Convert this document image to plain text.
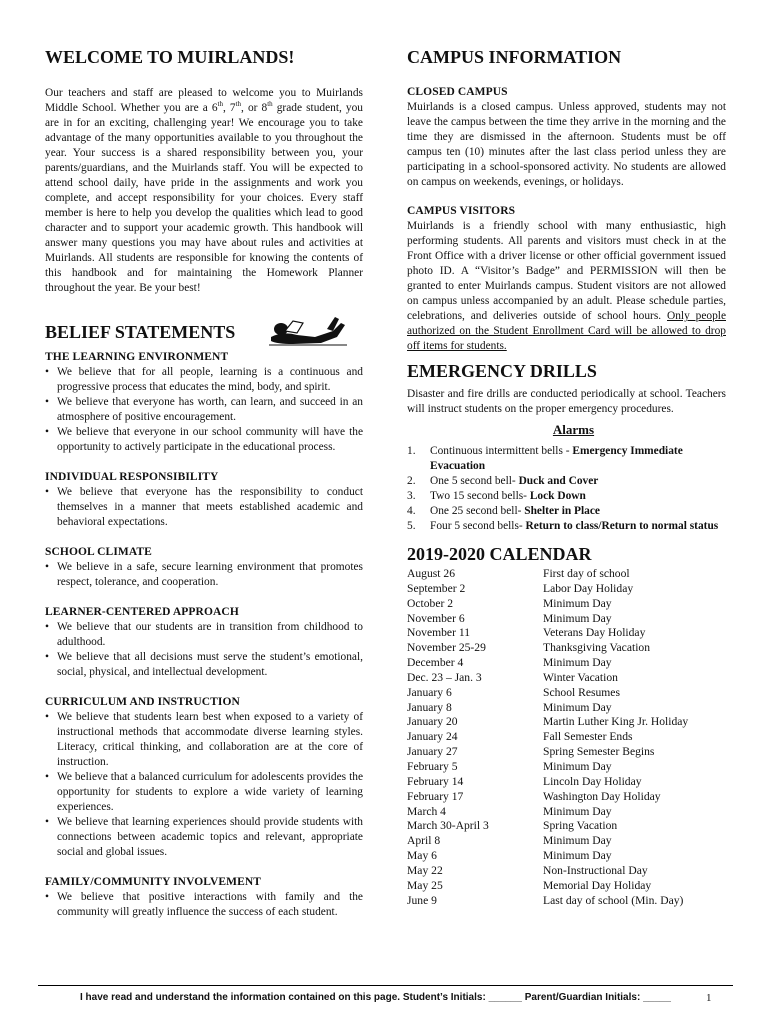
WELCOME TO MUIRLANDS!

Our teachers and staff are pleased to welcome you to Muirlands Middle School. Whether you are a 6th, 7th, or 8th grade student, you are in for an exciting, challenging year! We encourage you to take advantage of the many opportunities available to you throughout the year. Your success is a shared responsibility between you, your parents/guardians, and the Muirlands staff. You will be expected to attend school daily, have pride in the assignments and work you complete, and accept responsibility for your choices. Every staff member is here to help you develop the qualities which lead to good character and to support your academic growth. This handbook will answer many questions you may have about rules and activities at Muirlands. All students are responsible for knowing the contents of this handbook and for maintaining the Homework Planner throughout the year. Be your best!

BELIEF STATEMENTS
THE LEARNING ENVIRONMENT
• We believe that for all people, learning is a continuous and progressive process that educates the mind, body, and spirit.
• We believe that everyone has worth, can learn, and succeed in an atmosphere of positive encouragement.
• We believe that everyone in our school community will have the opportunity to actively participate in the educational process.
INDIVIDUAL RESPONSIBILITY
• We believe that everyone has the responsibility to conduct themselves in a manner that meets established academic and behavioral expectations.
SCHOOL CLIMATE
• We believe in a safe, secure learning environment that promotes respect, tolerance, and cooperation.
LEARNER-CENTERED APPROACH
• We believe that our students are in transition from childhood to adulthood.
• We believe that all decisions must serve the student’s emotional, social, physical, and intellectual development.
CURRICULUM AND INSTRUCTION
• We believe that students learn best when exposed to a variety of instructional methods that accommodate diverse learning styles. Literacy, critical thinking, and collaboration are at the core of instruction.
• We believe that a balanced curriculum for adolescents provides the opportunity for students to explore a wide variety of learning experiences.
• We believe that learning experiences should provide students with connections between academic topics and relevant, appropriate social and global issues.
FAMILY/COMMUNITY INVOLVEMENT
• We believe that positive interactions with family and the community will greatly influence the success of each student.
CAMPUS INFORMATION
CLOSED CAMPUS

Muirlands is a closed campus. Unless approved, students may not leave the campus between the time they arrive in the morning and the time they are dismissed in the afternoon. Students must be off campus ten (10) minutes after the last class period unless they are participating in a school-sponsored activity. No students are allowed on campus on weekends, evenings, or holidays.

CAMPUS VISITORS

Muirlands is a friendly school with many enthusiastic, high performing students. All parents and visitors must check in at the Front Office with a driver license or other official government issued photo ID. A “Visitor’s Badge” and PERMISSION will then be granted to enter Muirlands campus. Student visitors are not allowed on campus unless accompanied by an adult. Please schedule parties, celebrations, and deliveries outside of school hours. Only people authorized on the Student Enrollment Card will be allowed to drop off items for students.

EMERGENCY DRILLS

Disaster and fire drills are conducted periodically at school. Teachers will instruct students on the proper emergency procedures.

Alarms
1. Continuous intermittent bells - Emergency Immediate Evacuation
2. One 5 second bell- Duck and Cover
3. Two 15 second bells- Lock Down
4. One 25 second bell- Shelter in Place
5. Four 5 second bells- Return to class/Return to normal status
2019-2020 CALENDAR
August 26	First day of school
September 2	Labor Day Holiday
October 2	Minimum Day
November 6	Minimum Day
November 11	Veterans Day Holiday
November 25-29	Thanksgiving Vacation
December 4	Minimum Day
Dec. 23 – Jan. 3	Winter Vacation
January 6	School Resumes
January 8	Minimum Day
January 20	Martin Luther King Jr. Holiday
January 24	Fall Semester Ends
January 27	Spring Semester Begins
February 5	Minimum Day
February 14	Lincoln Day Holiday
February 17	Washington Day Holiday
March 4	Minimum Day
March 30-April 3	Spring Vacation
April 8	Minimum Day
May 6	Minimum Day
May 22	Non-Instructional Day
May 25	Memorial Day Holiday
June 9	Last day of school (Min. Day)
I have read and understand the information contained on this page. Student’s Initials: ______ Parent/Guardian Initials: _____	1
